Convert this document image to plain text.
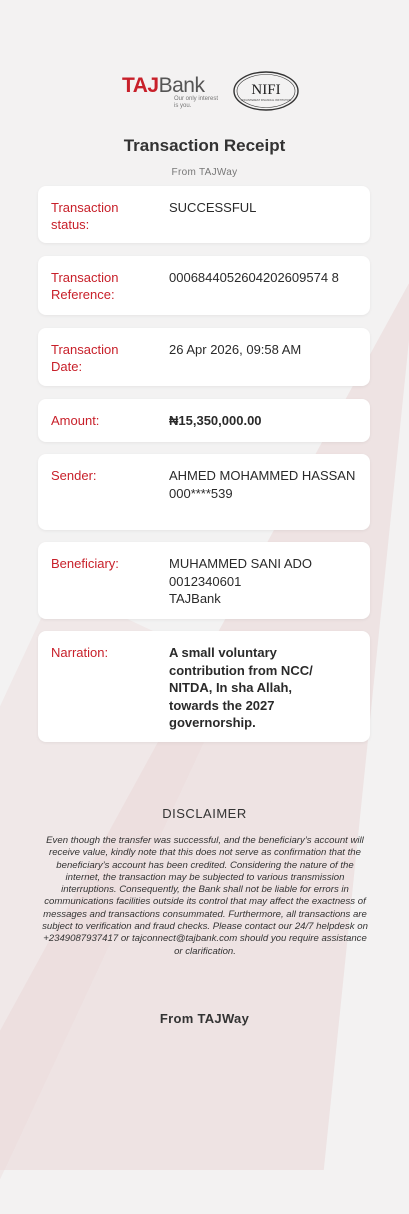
TAJBank
Our only interest
is you.
NIFI
NON-INTEREST FINANCIAL INSTITUTION
Transaction Receipt
From TAJWay
Transaction status:
SUCCESSFUL
Transaction Reference:
0006844052604202609574 8
Transaction Date:
26 Apr 2026, 09:58 AM
Amount:	₦15,350,000.00
Sender:	AHMED MOHAMMED HASSAN
000****539
Beneficiary:	MUHAMMED SANI ADO
0012340601
TAJBank
Narration:	A small voluntary contribution from NCC/ NITDA, In sha Allah, towards the 2027 governorship.
DISCLAIMER
Even though the transfer was successful, and the beneficiary’s account will receive value, kindly note that this does not serve as confirmation that the beneficiary’s account has been credited. Considering the nature of the internet, the transaction may be subjected to various transmission interruptions. Consequently, the Bank shall not be liable for errors in communications facilities outside its control that may affect the exactness of messages and transactions consummated. Furthermore, all transactions are subject to verification and fraud checks. Please contact our 24/7 helpdesk on +2349087937417 or tajconnect@tajbank.com should you require assistance or clarification.
From TAJWay
